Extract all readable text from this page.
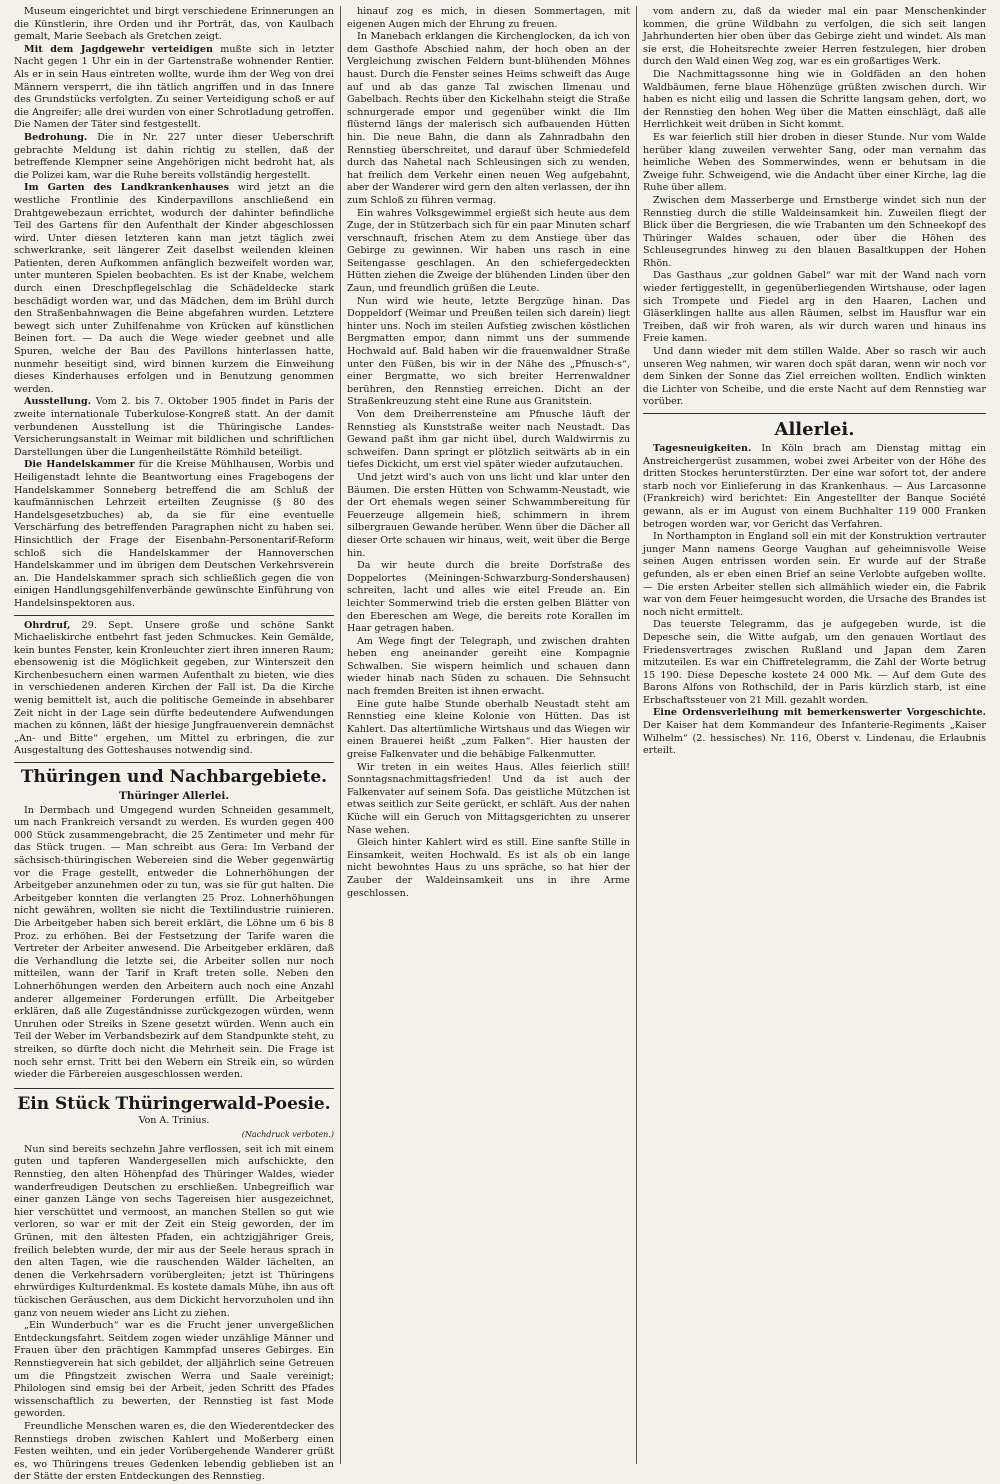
Museum eingerichtet und birgt verschiedene Erinnerungen an die Künstlerin, ihre Orden und ihr Porträt, das, von Kaulbach gemalt, Marie Seebach als Gretchen zeigt.

Mit dem Jagdgewehr verteidigen mußte sich in letzter Nacht gegen 1 Uhr ein in der Gartenstraße wohnender Rentier. Als er in sein Haus eintreten wollte, wurde ihm der Weg von drei Männern versperrt, die ihn tätlich angriffen und in das Innere des Grundstücks verfolgten. Zu seiner Verteidigung schoß er auf die Angreifer; alle drei wurden von einer Schrotladung getroffen. Die Namen der Täter sind festgestellt.

Bedrohung. Die in Nr. 227 unter dieser Ueberschrift gebrachte Meldung ist dahin richtig zu stellen, daß der betreffende Klempner seine Angehörigen nicht bedroht hat, als die Polizei kam, war die Ruhe bereits vollständig hergestellt.

Im Garten des Landkrankenhauses wird jetzt an die westliche Frontlinie des Kinderpavillons anschließend ein Drahtgewebezaun errichtet, wodurch der dahinter befindliche Teil des Gartens für den Aufenthalt der Kinder abgeschlossen wird. Unter diesen letzteren kann man jetzt täglich zwei schwerkranke, seit längerer Zeit daselbst weilenden kleinen Patienten, deren Aufkommen anfänglich bezweifelt worden war, unter munteren Spielen beobachten. Es ist der Knabe, welchem durch einen Dreschpflegelschlag die Schädeldecke stark beschädigt worden war, und das Mädchen, dem im Brühl durch den Straßenbahnwagen die Beine abgefahren wurden. Letztere bewegt sich unter Zuhilfenahme von Krücken auf künstlichen Beinen fort. — Da auch die Wege wieder geebnet und alle Spuren, welche der Bau des Pavillons hinterlassen hatte, nunmehr beseitigt sind, wird binnen kurzem die Einweihung dieses Kinderhauses erfolgen und in Benutzung genommen werden.

Ausstellung. Vom 2. bis 7. Oktober 1905 findet in Paris der zweite internationale Tuberkulose-Kongreß statt. An der damit verbundenen Ausstellung ist die Thüringische Landes-Versicherungsanstalt in Weimar mit bildlichen und schriftlichen Darstellungen über die Lungenheilstätte Römhild beteiligt.

Die Handelskammer für die Kreise Mühlhausen, Worbis und Heiligenstadt lehnte die Beantwortung eines Fragebogens der Handelskammer Sonneberg betreffend die am Schluß der kaufmännischen Lehrzeit erteilten Zeugnisse (§ 80 des Handelsgesetzbuches) ab, da sie für eine eventuelle Verschärfung des betreffenden Paragraphen nicht zu haben sei. Hinsichtlich der Frage der Eisenbahn-Personentarif-Reform schloß sich die Handelskammer der Hannoverschen Handelskammer und im übrigen dem Deutschen Verkehrsverein an. Die Handelskammer sprach sich schließlich gegen die von einigen Handlungsgehilfenverbände gewünschte Einführung von Handelsinspektoren aus.

Ohrdruf, 29. Sept. Unsere große und schöne Sankt Michaeliskirche entbehrt fast jeden Schmuckes. Kein Gemälde, kein buntes Fenster, kein Kronleuchter ziert ihren inneren Raum; ebensowenig ist die Möglichkeit gegeben, zur Winterszeit den Kirchenbesuchern einen warmen Aufenthalt zu bieten, wie dies in verschiedenen anderen Kirchen der Fall ist. Da die Kirche wenig bemittelt ist, auch die politische Gemeinde in absehbarer Zeit nicht in der Lage sein dürfte bedeutendere Aufwendungen machen zu können, läßt der hiesige Jungfrauenverein demnächst „An- und Bitte“ ergehen, um Mittel zu erbringen, die zur Ausgestaltung des Gotteshauses notwendig sind.

Thüringen und Nachbargebiete.
Thüringer Allerlei.

In Dermbach und Umgegend wurden Schneiden gesammelt, um nach Frankreich versandt zu werden. Es wurden gegen 400 000 Stück zusammengebracht, die 25 Zentimeter und mehr für das Stück trugen. — Man schreibt aus Gera: Im Verband der sächsisch-thüringischen Webereien sind die Weber gegenwärtig vor die Frage gestellt, entweder die Lohnerhöhungen der Arbeitgeber anzunehmen oder zu tun, was sie für gut halten. Die Arbeitgeber konnten die verlangten 25 Proz. Lohnerhöhungen nicht gewähren, wollten sie nicht die Textilindustrie ruinieren. Die Arbeitgeber haben sich bereit erklärt, die Löhne um 6 bis 8 Proz. zu erhöhen. Bei der Festsetzung der Tarife waren die Vertreter der Arbeiter anwesend. Die Arbeitgeber erklären, daß die Verhandlung die letzte sei, die Arbeiter sollen nur noch mitteilen, wann der Tarif in Kraft treten solle. Neben den Lohnerhöhungen werden den Arbeitern auch noch eine Anzahl anderer allgemeiner Forderungen erfüllt. Die Arbeitgeber erklären, daß alle Zugeständnisse zurückgezogen würden, wenn Unruhen oder Streiks in Szene gesetzt würden. Wenn auch ein Teil der Weber im Verbandsbezirk auf dem Standpunkte steht, zu streiken, so dürfte doch nicht die Mehrheit sein. Die Frage ist noch sehr ernst. Tritt bei den Webern ein Streik ein, so würden wieder die Färbereien ausgeschlossen werden.

Ein Stück Thüringerwald-Poesie.
Von A. Trinius.
(Nachdruck verboten.)

Nun sind bereits sechzehn Jahre verflossen, seit ich mit einem guten und tapferen Wandergesellen mich aufschickte, den Rennstieg, den alten Höhenpfad des Thüringer Waldes, wieder wanderfreudigen Deutschen zu erschließen. Unbegreiflich war einer ganzen Länge von sechs Tagereisen hier ausgezeichnet, hier verschüttet und vermoost, an manchen Stellen so gut wie verloren, so war er mit der Zeit ein Steig geworden, der im Grünen, mit den ältesten Pfaden, ein achtzigjähriger Greis, freilich belebten wurde, der mir aus der Seele heraus sprach in den alten Tagen, wie die rauschenden Wälder lächelten, an denen die Verkehrsadern vorübergleiten; jetzt ist Thüringens ehrwürdiges Kulturdenkmal. Es kostete damals Mühe, ihn aus oft tückischen Geräuschen, aus dem Dickicht hervorzuholen und ihn ganz von neuem wieder ans Licht zu ziehen.

„Ein Wunderbuch“ war es die Frucht jener unvergeßlichen Entdeckungsfahrt. Seitdem zogen wieder unzählige Männer und Frauen über den prächtigen Kammpfad unseres Gebirges. Ein Rennstiegverein hat sich gebildet, der alljährlich seine Getreuen um die Pfingstzeit zwischen Werra und Saale vereinigt; Philologen sind emsig bei der Arbeit, jeden Schritt des Pfades wissenschaftlich zu bewerten, der Rennstieg ist fast Mode geworden.

Freundliche Menschen waren es, die den Wiederentdecker des Rennstiegs droben zwischen Kahlert und Moßerberg einen Festen weihten, und ein jeder Vorübergehende Wanderer grüßt es, wo Thüringens treues Gedenken lebendig geblieben ist an der Stätte der ersten Entdeckungen des Rennstieg.

hinauf zog es mich, in diesen Sommertagen, mit eigenen Augen mich der Ehrung zu freuen.

In Manebach erklangen die Kirchenglocken, da ich von dem Gasthofe Abschied nahm, der hoch oben an der Vergleichung zwischen Feldern bunt-blühenden Möhnes haust. Durch die Fenster seines Heims schweift das Auge auf und ab das ganze Tal zwischen Ilmenau und Gabelbach. Rechts über den Kickelhahn steigt die Straße schnurgerade empor und gegenüber winkt die Ilm flüsternd längs der malerisch sich aufbauenden Hütten hin. Die neue Bahn, die dann als Zahnradbahn den Rennstieg überschreitet, und darauf über Schmiedefeld durch das Nahetal nach Schleusingen sich zu wenden, hat freilich dem Verkehr einen neuen Weg aufgebahnt, aber der Wanderer wird gern den alten verlassen, der ihn zum Schloß zu führen vermag.

Ein wahres Volksgewimmel ergießt sich heute aus dem Zuge, der in Stützerbach sich für ein paar Minuten scharf verschnauft, frischen Atem zu dem Anstiege über das Gebirge zu gewinnen. Wir haben uns rasch in eine Seitengasse geschlagen. An den schiefergedeckten Hütten ziehen die Zweige der blühenden Linden über den Zaun, und freundlich grüßen die Leute.

Nun wird wie heute, letzte Bergzüge hinan. Das Doppeldorf (Weimar und Preußen teilen sich darein) liegt hinter uns. Noch im steilen Aufstieg zwischen köstlichen Bergmatten empor, dann nimmt uns der summende Hochwald auf. Bald haben wir die frauenwaldner Straße unter den Füßen, bis wir in der Nähe des „Pfnusch-s“, einer Bergmatte, wo sich breiter Herrenwaldner berühren, den Rennstieg erreichen. Dicht an der Straßenkreuzung steht eine Rune aus Granitstein.

Von dem Dreiherrensteine am Pfnusche läuft der Rennstieg als Kunststraße weiter nach Neustadt. Das Gewand paßt ihm gar nicht übel, durch Waldwirrnis zu schweifen. Dann springt er plötzlich seitwärts ab in ein tiefes Dickicht, um erst viel später wieder aufzutauchen.

Und jetzt wird's auch von uns licht und klar unter den Bäumen. Die ersten Hütten von Schwamm-Neustadt, wie der Ort ehemals wegen seiner Schwammbereitung für Feuerzeuge allgemein hieß, schimmern in ihrem silbergrauen Gewande herüber. Wenn über die Dächer all dieser Orte schauen wir hinaus, weit, weit über die Berge hin.

Da wir heute durch die breite Dorfstraße des Doppelortes (Meiningen-Schwarzburg-Sondershausen) schreiten, lacht und alles wie eitel Freude an. Ein leichter Sommerwind trieb die ersten gelben Blätter von den Ebereschen am Wege, die bereits rote Korallen im Haar getragen haben.

Am Wege fingt der Telegraph, und zwischen drahten heben eng aneinander gereiht eine Kompagnie Schwalben. Sie wispern heimlich und schauen dann wieder hinab nach Süden zu schauen. Die Sehnsucht nach fremden Breiten ist ihnen erwacht.

Eine gute halbe Stunde oberhalb Neustadt steht am Rennstieg eine kleine Kolonie von Hütten. Das ist Kahlert. Das altertümliche Wirtshaus und das Wiegen wir einen Brauerei heißt „zum Falken“. Hier hausten der greise Falkenvater und die behäbige Falkenmutter.

Wir treten in ein weites Haus. Alles feierlich still! Sonntagsnachmittagsfrieden! Und da ist auch der Falkenvater auf seinem Sofa. Das geistliche Mützchen ist etwas seitlich zur Seite gerückt, er schläft. Aus der nahen Küche will ein Geruch von Mittagsgerichten zu unserer Nase wehen.

Gleich hinter Kahlert wird es still. Eine sanfte Stille in Einsamkeit, weiten Hochwald. Es ist als ob ein lange nicht bewohntes Haus zu uns spräche, so hat hier der Zauber der Waldeinsamkeit uns in ihre Arme geschlossen.

vom andern zu, daß da wieder mal ein paar Menschenkinder kommen, die grüne Wildbahn zu verfolgen, die sich seit langen Jahrhunderten hier oben über das Gebirge zieht und windet. Als man sie erst, die Hoheitsrechte zweier Herren festzulegen, hier droben durch den Wald einen Weg zog, war es ein großartiges Werk.

Die Nachmittagssonne hing wie in Goldfäden an den hohen Waldbäumen, ferne blaue Höhenzüge grüßten zwischen durch. Wir haben es nicht eilig und lassen die Schritte langsam gehen, dort, wo der Rennstieg den hohen Weg über die Matten einschlägt, daß alle Herrlichkeit weit drüben in Sicht kommt.

Es war feierlich still hier droben in dieser Stunde. Nur vom Walde herüber klang zuweilen verwehter Sang, oder man vernahm das heimliche Weben des Sommerwindes, wenn er behutsam in die Zweige fuhr. Schweigend, wie die Andacht über einer Kirche, lag die Ruhe über allem.

Zwischen dem Masserberge und Ernstberge windet sich nun der Rennstieg durch die stille Waldeinsamkeit hin. Zuweilen fliegt der Blick über die Bergriesen, die wie Trabanten um den Schneekopf des Thüringer Waldes schauen, oder über die Höhen des Schleusegrundes hinweg zu den blauen Basaltkuppen der Hohen Rhön.

Das Gasthaus „zur goldnen Gabel“ war mit der Wand nach vorn wieder fertiggestellt, in gegenüberliegenden Wirtshause, oder lagen sich Trompete und Fiedel arg in den Haaren, Lachen und Gläserklingen hallte aus allen Räumen, selbst im Hausflur war ein Treiben, daß wir froh waren, als wir durch waren und hinaus ins Freie kamen.

Und dann wieder mit dem stillen Walde. Aber so rasch wir auch unseren Weg nahmen, wir waren doch spät daran, wenn wir noch vor dem Sinken der Sonne das Ziel erreichen wollten. Endlich winkten die Lichter von Scheibe, und die erste Nacht auf dem Rennstieg war vorüber.

Allerlei.

Tagesneuigkeiten. In Köln brach am Dienstag mittag ein Anstreichergerüst zusammen, wobei zwei Arbeiter von der Höhe des dritten Stockes herunterstürzten. Der eine war sofort tot, der andere starb noch vor Einlieferung in das Krankenhaus. — Aus Larcasonne (Frankreich) wird berichtet: Ein Angestellter der Banque Société gewann, als er im August von einem Buchhalter 119 000 Franken betrogen worden war, vor Gericht das Verfahren.

In Northampton in England soll ein mit der Konstruktion vertrauter junger Mann namens George Vaughan auf geheimnisvolle Weise seinen Augen entrissen worden sein. Er wurde auf der Straße gefunden, als er eben einen Brief an seine Verlobte aufgeben wollte. — Die ersten Arbeiter stellen sich allmählich wieder ein, die Fabrik war von dem Feuer heimgesucht worden, die Ursache des Brandes ist noch nicht ermittelt.

Das teuerste Telegramm, das je aufgegeben wurde, ist die Depesche sein, die Witte aufgab, um den genauen Wortlaut des Friedensvertrages zwischen Rußland und Japan dem Zaren mitzuteilen. Es war ein Chiffretelegramm, die Zahl der Worte betrug 15 190. Diese Depesche kostete 24 000 Mk. — Auf dem Gute des Barons Alfons von Rothschild, der in Paris kürzlich starb, ist eine Erbschaftssteuer von 21 Mill. gezahlt worden.

Eine Ordensverleihung mit bemerkenswerter Vorgeschichte. Der Kaiser hat dem Kommandeur des Infanterie-Regiments „Kaiser Wilhelm“ (2. hessisches) Nr. 116, Oberst v. Lindenau, die Erlaubnis erteilt.
